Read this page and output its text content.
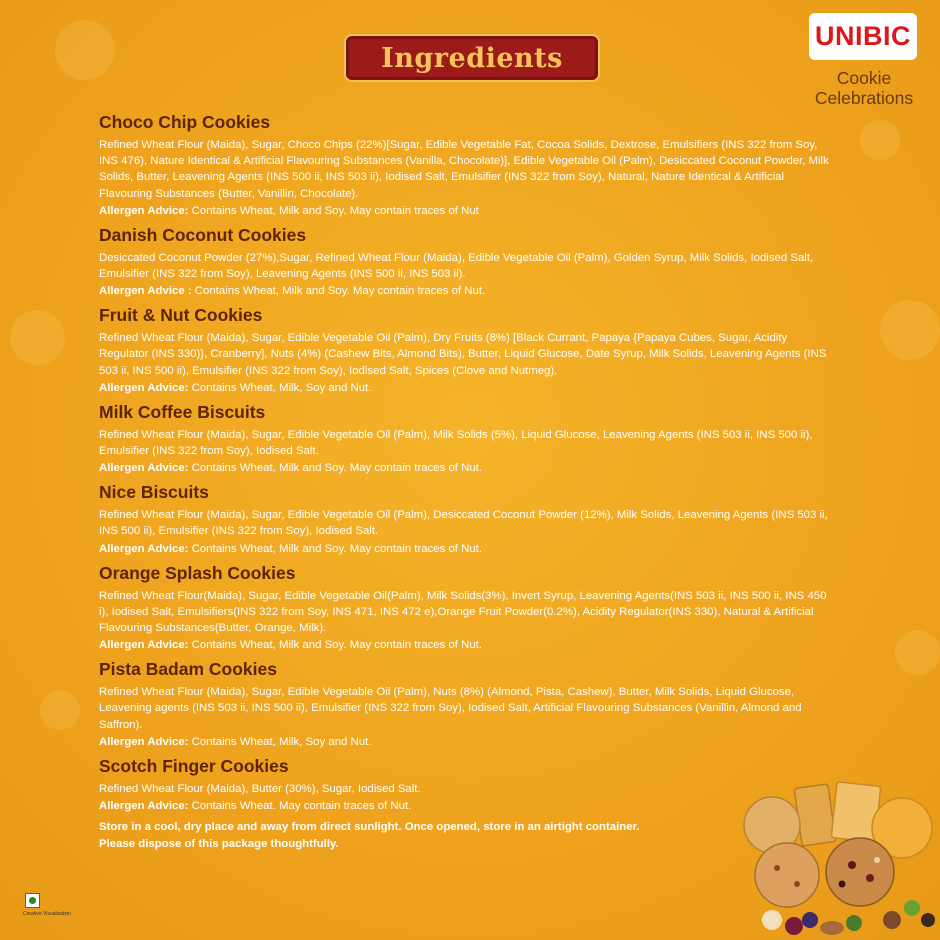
Ingredients
UNIBIC
Cookie
Celebrations
Choco Chip Cookies

Refined Wheat Flour (Maida), Sugar, Choco Chips (22%)[Sugar, Edible Vegetable Fat, Cocoa Solids, Dextrose, Emulsifiers (INS 322 from Soy, INS 476), Nature Identical & Artificial Flavouring Substances (Vanilla, Chocolate)], Edible Vegetable Oil (Palm), Desiccated Coconut Powder, Milk Solids, Butter, Leavening Agents (INS 500 ii, INS 503 ii), Iodised Salt, Emulsifier (INS 322 from Soy), Natural, Nature Identical & Artificial Flavouring Substances (Butter, Vanillin, Chocolate).

Allergen Advice: Contains Wheat, Milk and Soy. May contain traces of Nut

Danish Coconut Cookies

Desiccated Coconut Powder (27%),Sugar, Refined Wheat Flour (Maida), Edible Vegetable Oil (Palm), Golden Syrup, Milk Solids, Iodised Salt, Emulsifier (INS 322 from Soy), Leavening Agents (INS 500 ii, INS 503 ii).

Allergen Advice : Contains Wheat, Milk and Soy. May contain traces of Nut.

Fruit & Nut Cookies

Refined Wheat Flour (Maida), Sugar, Edible Vegetable Oil (Palm), Dry Fruits (8%) [Black Currant, Papaya {Papaya Cubes, Sugar, Acidity Regulator (INS 330)}, Cranberry], Nuts (4%) (Cashew Bits, Almond Bits), Butter, Liquid Glucose, Date Syrup, Milk Solids, Leavening Agents (INS 503 ii, INS 500 ii), Emulsifier (INS 322 from Soy), Iodised Salt, Spices (Clove and Nutmeg).

Allergen Advice: Contains Wheat, Milk, Soy and Nut.

Milk Coffee Biscuits

Refined Wheat Flour (Maida), Sugar, Edible Vegetable Oil (Palm), Milk Solids (5%), Liquid Glucose, Leavening Agents (INS 503 ii, INS 500 ii), Emulsifier (INS 322 from Soy), Iodised Salt.

Allergen Advice: Contains Wheat, Milk and Soy. May contain traces of Nut.

Nice Biscuits

Refined Wheat Flour (Maida), Sugar, Edible Vegetable Oil (Palm), Desiccated Coconut Powder (12%), Milk Solids, Leavening Agents (INS 503 ii, INS 500 ii), Emulsifier (INS 322 from Soy), Iodised Salt.

Allergen Advice: Contains Wheat, Milk and Soy. May contain traces of Nut.

Orange Splash Cookies

Refined Wheat Flour(Maida), Sugar, Edible Vegetable Oil(Palm), Milk Solids(3%), Invert Syrup, Leavening Agents(INS 503 ii, INS 500 ii, INS 450 i), Iodised Salt, Emulsifiers(INS 322 from Soy, INS 471, INS 472 e),Orange Fruit Powder(0.2%), Acidity Regulator(INS 330), Natural & Artificial Flavouring Substances(Butter, Orange, Milk).

Allergen Advice: Contains Wheat, Milk and Soy. May contain traces of Nut.

Pista Badam Cookies

Refined Wheat Flour (Maida), Sugar, Edible Vegetable Oil (Palm), Nuts (8%) (Almond, Pista, Cashew), Butter, Milk Solids, Liquid Glucose, Leavening agents (INS 503 ii, INS 500 ii), Emulsifier (INS 322 from Soy), Iodised Salt, Artificial Flavouring Substances (Vanillin, Almond and Saffron).

Allergen Advice: Contains Wheat, Milk, Soy and Nut.

Scotch Finger Cookies

Refined Wheat Flour (Maida), Butter (30%), Sugar, Iodised Salt.

Allergen Advice: Contains Wheat. May contain traces of Nut.

Store in a cool, dry place and away from direct sunlight. Once opened, store in an airtight container.
Please dispose of this package thoughtfully.
Creative Visualisation
